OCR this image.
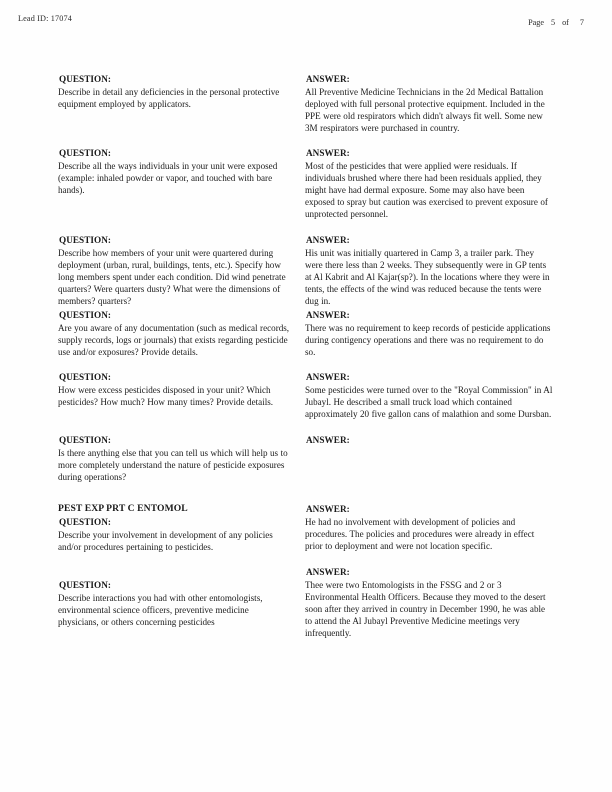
Lead ID: 17074	Page 5 of 7

QUESTION:

Describe in detail any deficiencies in the personal protective equipment employed by applicators.

ANSWER:

All Preventive Medicine Technicians in the 2d Medical Battalion deployed with full personal protective equipment. Included in the PPE were old respirators which didn't always fit well. Some new 3M respirators were purchased in country.

QUESTION:

Describe all the ways individuals in your unit were exposed (example: inhaled powder or vapor, and touched with bare hands).

ANSWER:

Most of the pesticides that were applied were residuals. If individuals brushed where there had been residuals applied, they might have had dermal exposure. Some may also have been exposed to spray but caution was exercised to prevent exposure of unprotected personnel.

QUESTION:

Describe how members of your unit were quartered during deployment (urban, rural, buildings, tents, etc.). Specify how long members spent under each condition. Did wind penetrate quarters? Were quarters dusty? What were the dimensions of members? quarters?

ANSWER:

His unit was initially quartered in Camp 3, a trailer park. They were there less than 2 weeks. They subsequently were in GP tents at Al Kabrit and Al Kajar(sp?). In the locations where they were in tents, the effects of the wind was reduced because the tents were dug in.

QUESTION:

Are you aware of any documentation (such as medical records, supply records, logs or journals) that exists regarding pesticide use and/or exposures? Provide details.

ANSWER:

There was no requirement to keep records of pesticide applications during contigency operations and there was no requirement to do so.

QUESTION:

How were excess pesticides disposed in your unit? Which pesticides? How much? How many times? Provide details.

ANSWER:

Some pesticides were turned over to the "Royal Commission" in Al Jubayl. He described a small truck load which contained approximately 20 five gallon cans of malathion and some Dursban.

QUESTION:

Is there anything else that you can tell us which will help us to more completely understand the nature of pesticide exposures during operations?

ANSWER:

PEST EXP PRT C ENTOMOL

QUESTION:

Describe your involvement in development of any policies and/or procedures pertaining to pesticides.

ANSWER:

He had no involvement with development of policies and procedures. The policies and procedures were already in effect prior to deployment and were not location specific.

QUESTION:

Describe interactions you had with other entomologists, environmental science officers, preventive medicine physicians, or others concerning pesticides

ANSWER:

Thee were two Entomologists in the FSSG and 2 or 3 Environmental Health Officers. Because they moved to the desert soon after they arrived in country in December 1990, he was able to attend the Al Jubayl Preventive Medicine meetings very infrequently.
